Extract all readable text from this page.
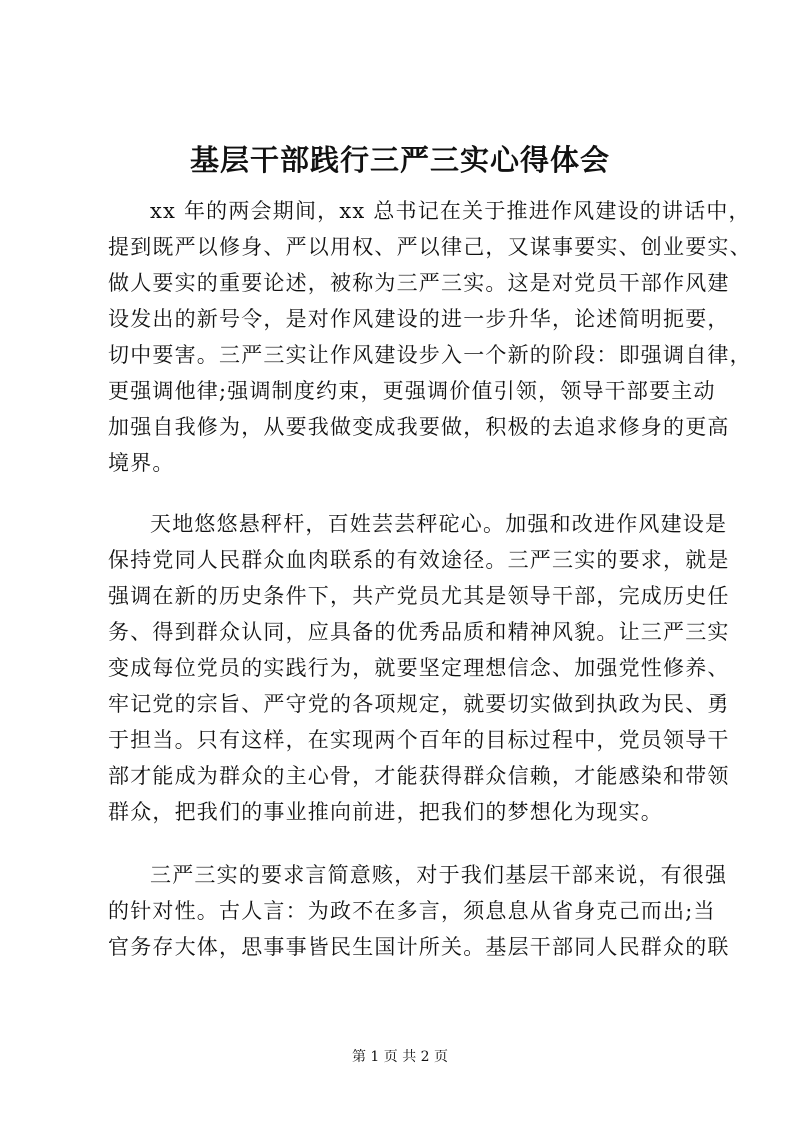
基层干部践行三严三实心得体会
xx 年的两会期间，xx 总书记在关于推进作风建设的讲话中，
提到既严以修身、严以用权、严以律己，又谋事要实、创业要实、
做人要实的重要论述，被称为三严三实。这是对党员干部作风建
设发出的新号令，是对作风建设的进一步升华，论述简明扼要，
切中要害。三严三实让作风建设步入一个新的阶段：即强调自律，
更强调他律;强调制度约束，更强调价值引领，领导干部要主动
加强自我修为，从要我做变成我要做，积极的去追求修身的更高
境界。
天地悠悠悬秤杆，百姓芸芸秤砣心。加强和改进作风建设是
保持党同人民群众血肉联系的有效途径。三严三实的要求，就是
强调在新的历史条件下，共产党员尤其是领导干部，完成历史任
务、得到群众认同，应具备的优秀品质和精神风貌。让三严三实
变成每位党员的实践行为，就要坚定理想信念、加强党性修养、
牢记党的宗旨、严守党的各项规定，就要切实做到执政为民、勇
于担当。只有这样，在实现两个百年的目标过程中，党员领导干
部才能成为群众的主心骨，才能获得群众信赖，才能感染和带领
群众，把我们的事业推向前进，把我们的梦想化为现实。
三严三实的要求言简意赅，对于我们基层干部来说，有很强
的针对性。古人言：为政不在多言，须息息从省身克己而出;当
官务存大体，思事事皆民生国计所关。基层干部同人民群众的联
第 1 页 共 2 页
